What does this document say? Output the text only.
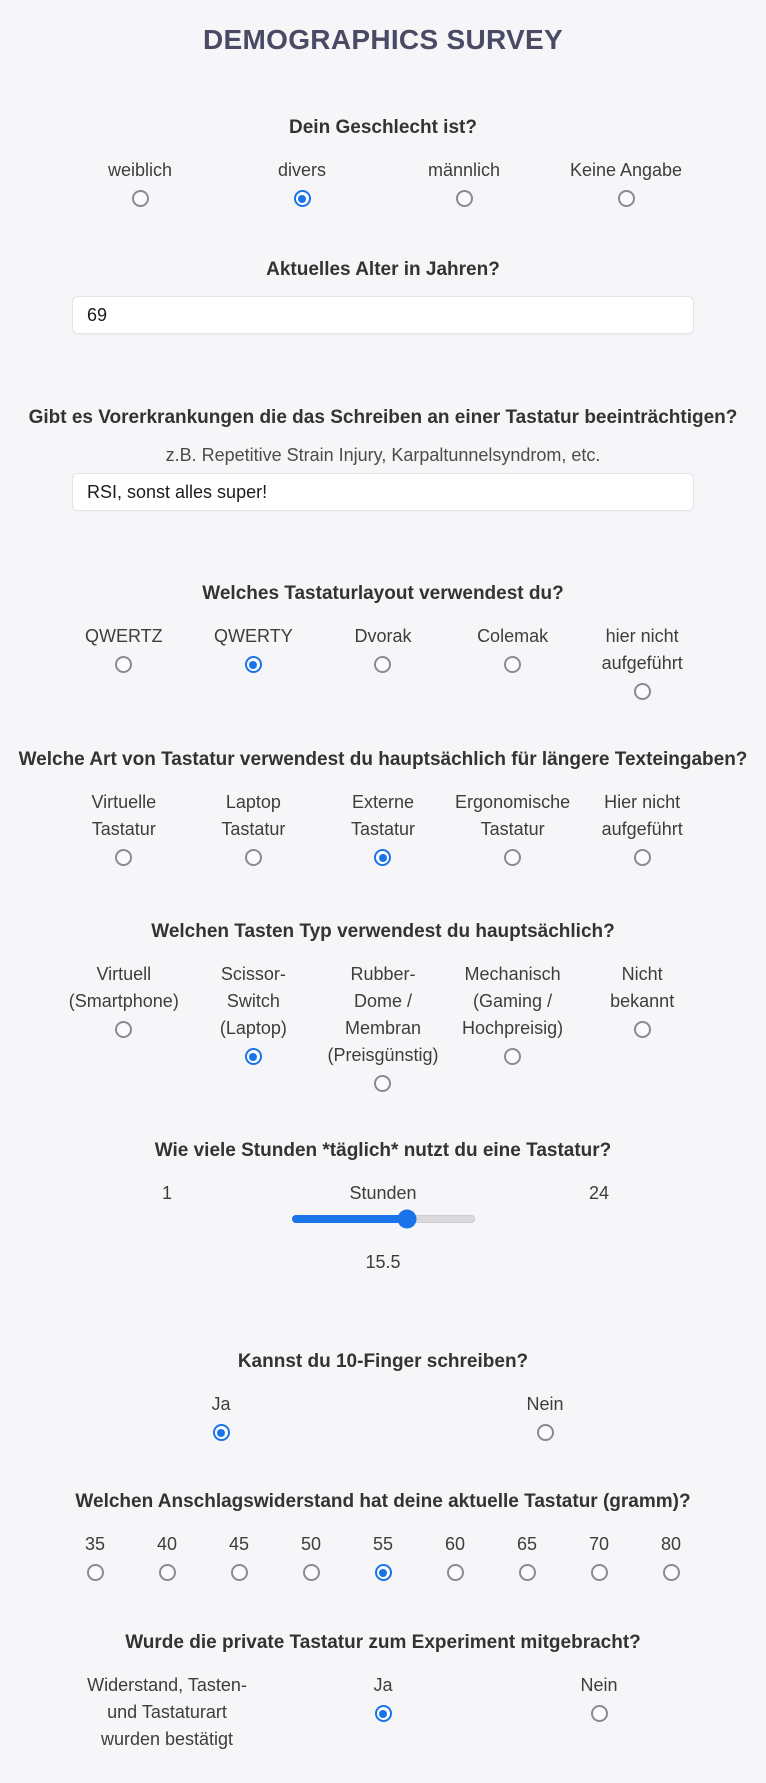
DEMOGRAPHICS SURVEY
Dein Geschlecht ist?
weiblich	divers	männlich	Keine Angabe
Aktuelles Alter in Jahren?
69
Gibt es Vorerkrankungen die das Schreiben an einer Tastatur beeinträchtigen?
z.B. Repetitive Strain Injury, Karpaltunnelsyndrom, etc.
RSI, sonst alles super!
Welches Tastaturlayout verwendest du?
QWERTZ	QWERTY	Dvorak	Colemak	hier nicht
aufgeführt
Welche Art von Tastatur verwendest du hauptsächlich für längere Texteingaben?
Virtuelle
Tastatur
Laptop
Tastatur
Externe
Tastatur
Ergonomische
Tastatur
Hier nicht
aufgeführt
Welchen Tasten Typ verwendest du hauptsächlich?
Virtuell
(Smartphone)
Scissor-
Switch
(Laptop)
Rubber-
Dome /
Membran
(Preisgünstig)
Mechanisch
(Gaming /
Hochpreisig)
Nicht
bekannt
Wie viele Stunden *täglich* nutzt du eine Tastatur?
1	Stunden	24
15.5
Kannst du 10-Finger schreiben?
Ja	Nein
Welchen Anschlagswiderstand hat deine aktuelle Tastatur (gramm)?
35	40	45	50	55	60	65	70	80
Wurde die private Tastatur zum Experiment mitgebracht?
Widerstand, Tasten-
und Tastaturart
wurden bestätigt
Ja	Nein
